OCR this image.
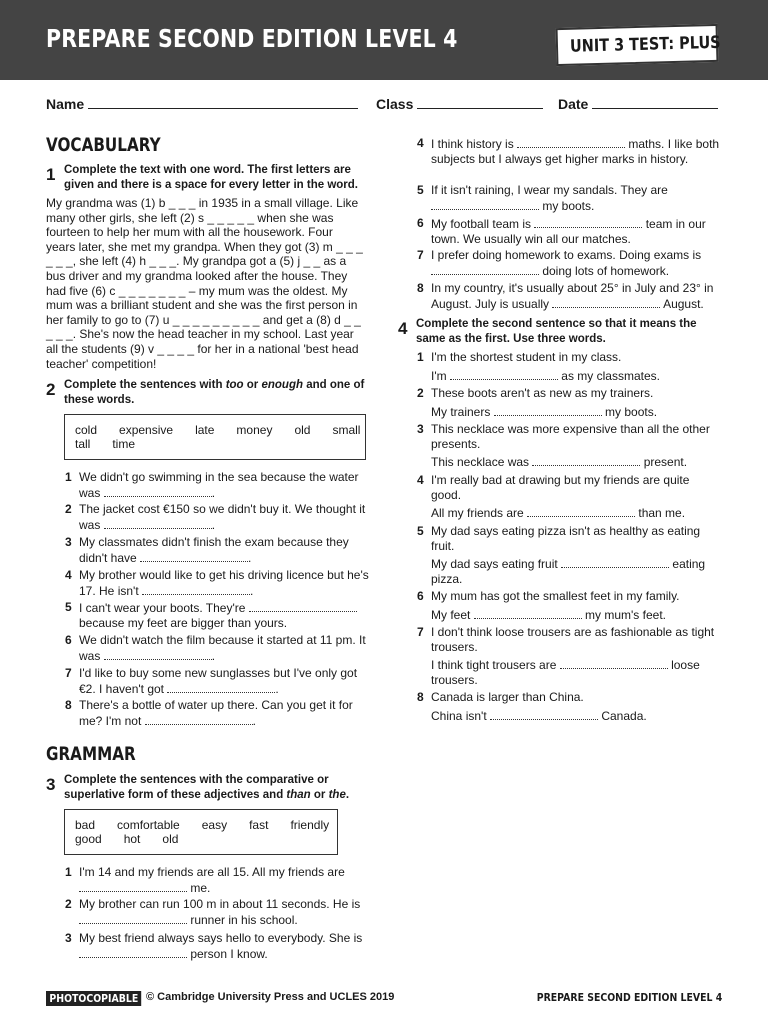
PREPARE SECOND EDITION LEVEL 4	UNIT 3 TEST: PLUS
Name	Class	Date
VOCABULARY
1 Complete the text with one word. The first letters are given and there is a space for every letter in the word.
My grandma was (1) b _ _ _ in 1935 in a small village. Like many other girls, she left (2) s _ _ _ _ _ when she was fourteen to help her mum with all the housework. Four years later, she met my grandpa. When they got (3) m _ _ _ _ _ _, she left (4) h _ _ _. My grandpa got a (5) j _ _ as a bus driver and my grandma looked after the house. They had five (6) c _ _ _ _ _ _ _ – my mum was the oldest. My mum was a brilliant student and she was the first person in her family to go to (7) u _ _ _ _ _ _ _ _ _ and get a (8) d _ _ _ _ _. She's now the head teacher in my school. Last year all the students (9) v _ _ _ _ for her in a national 'best head teacher' competition!
2 Complete the sentences with too or enough and one of these words.
cold expensive late money old small
tall time
1 We didn't go swimming in the sea because the water was	.
2 The jacket cost €150 so we didn't buy it. We thought it was	.
3 My classmates didn't finish the exam because they didn't have	.
4 My brother would like to get his driving licence but he's 17. He isn't	.
5 I can't wear your boots. They're  because my feet are bigger than yours.
6 We didn't watch the film because it started at 11 pm. It was	.
7 I'd like to buy some new sunglasses but I've only got €2. I haven't got	.
8 There's a bottle of water up there. Can you get it for me? I'm not	.
GRAMMAR
3 Complete the sentences with the comparative or superlative form of these adjectives and than or the.
bad comfortable easy fast friendly
good hot old
1 I'm 14 and my friends are all 15. All my friends are  me.
2 My brother can run 100 m in about 11 seconds. He is  runner in his school.
3 My best friend always says hello to everybody. She is  person I know.
4 I think history is	maths. I like both subjects but I always get higher marks in history.
5 If it isn't raining, I wear my sandals. They are  my boots.
6 My football team is	team in our town. We usually win all our matches.
7 I prefer doing homework to exams. Doing exams is  doing lots of homework.
8 In my country, it's usually about 25° in July and 23° in August. July is usually	August.
4 Complete the second sentence so that it means the same as the first. Use three words.
1 I'm the shortest student in my class.
I'm	as my classmates.
2 These boots aren't as new as my trainers.
My trainers	my boots.
3 This necklace was more expensive than all the other presents.
This necklace was	present.
4 I'm really bad at drawing but my friends are quite good.
All my friends are	than me.
5 My dad says eating pizza isn't as healthy as eating fruit.
My dad says eating fruit	eating pizza.
6 My mum has got the smallest feet in my family.
My feet	my mum's feet.
7 I don't think loose trousers are as fashionable as tight trousers.
I think tight trousers are	loose trousers.
8 Canada is larger than China.
China isn't	Canada.
PHOTOCOPIABLE © Cambridge University Press and UCLES 2019	PREPARE SECOND EDITION LEVEL 4
